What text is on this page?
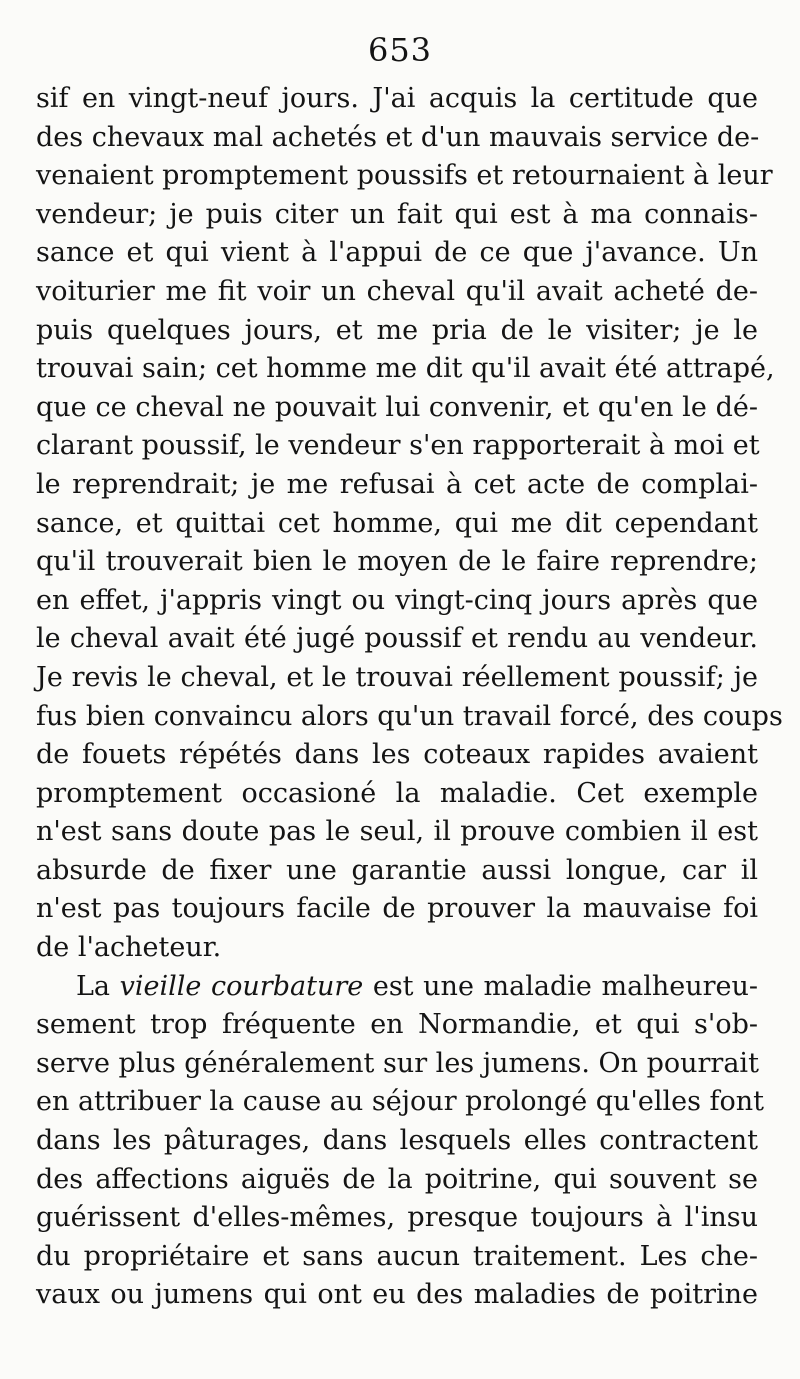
653
sif en vingt-neuf jours. J'ai acquis la certitude que
des chevaux mal achetés et d'un mauvais service de-
venaient promptement poussifs et retournaient à leur
vendeur; je puis citer un fait qui est à ma connais-
sance et qui vient à l'appui de ce que j'avance. Un
voiturier me fit voir un cheval qu'il avait acheté de-
puis quelques jours, et me pria de le visiter; je le
trouvai sain; cet homme me dit qu'il avait été attrapé,
que ce cheval ne pouvait lui convenir, et qu'en le dé-
clarant poussif, le vendeur s'en rapporterait à moi et
le reprendrait; je me refusai à cet acte de complai-
sance, et quittai cet homme, qui me dit cependant
qu'il trouverait bien le moyen de le faire reprendre;
en effet, j'appris vingt ou vingt-cinq jours après que
le cheval avait été jugé poussif et rendu au vendeur.
Je revis le cheval, et le trouvai réellement poussif; je
fus bien convaincu alors qu'un travail forcé, des coups
de fouets répétés dans les coteaux rapides avaient
promptement occasioné la maladie. Cet exemple
n'est sans doute pas le seul, il prouve combien il est
absurde de fixer une garantie aussi longue, car il
n'est pas toujours facile de prouver la mauvaise foi
de l'acheteur.
La vieille courbature est une maladie malheureu-
sement trop fréquente en Normandie, et qui s'ob-
serve plus généralement sur les jumens. On pourrait
en attribuer la cause au séjour prolongé qu'elles font
dans les pâturages, dans lesquels elles contractent
des affections aiguës de la poitrine, qui souvent se
guérissent d'elles-mêmes, presque toujours à l'insu
du propriétaire et sans aucun traitement. Les che-
vaux ou jumens qui ont eu des maladies de poitrine
